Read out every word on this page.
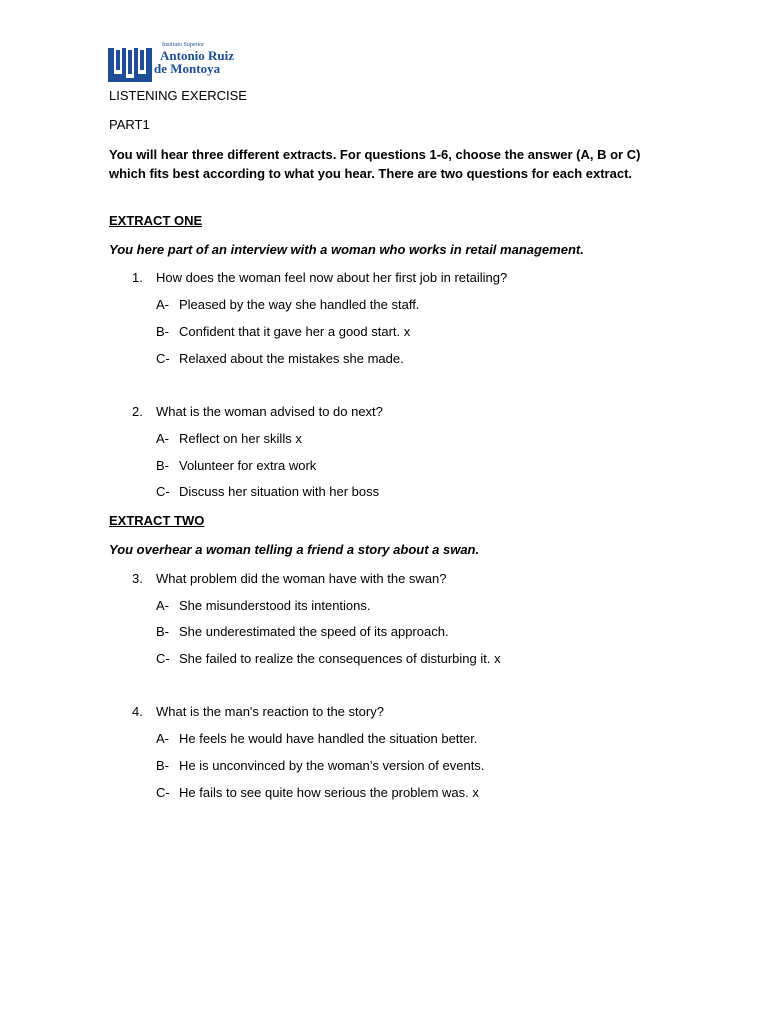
Instituto Superior
Antonio Ruiz
de Montoya
LISTENING EXERCISE
PART1
You will hear three different extracts. For questions 1-6, choose the answer (A, B or C) which fits best according to what you hear. There are two questions for each extract.
EXTRACT ONE
You here part of an interview with a woman who works in retail management.
1. How does the woman feel now about her first job in retailing?
A- Pleased by the way she handled the staff.
B- Confident that it gave her a good start. x
C- Relaxed about the mistakes she made.
2. What is the woman advised to do next?
A- Reflect on her skills x
B- Volunteer for extra work
C- Discuss her situation with her boss
EXTRACT TWO
You overhear a woman telling a friend a story about a swan.
3. What problem did the woman have with the swan?
A- She misunderstood its intentions.
B- She underestimated the speed of its approach.
C- She failed to realize the consequences of disturbing it. x
4. What is the man's reaction to the story?
A- He feels he would have handled the situation better.
B- He is unconvinced by the woman’s version of events.
C- He fails to see quite how serious the problem was. x
